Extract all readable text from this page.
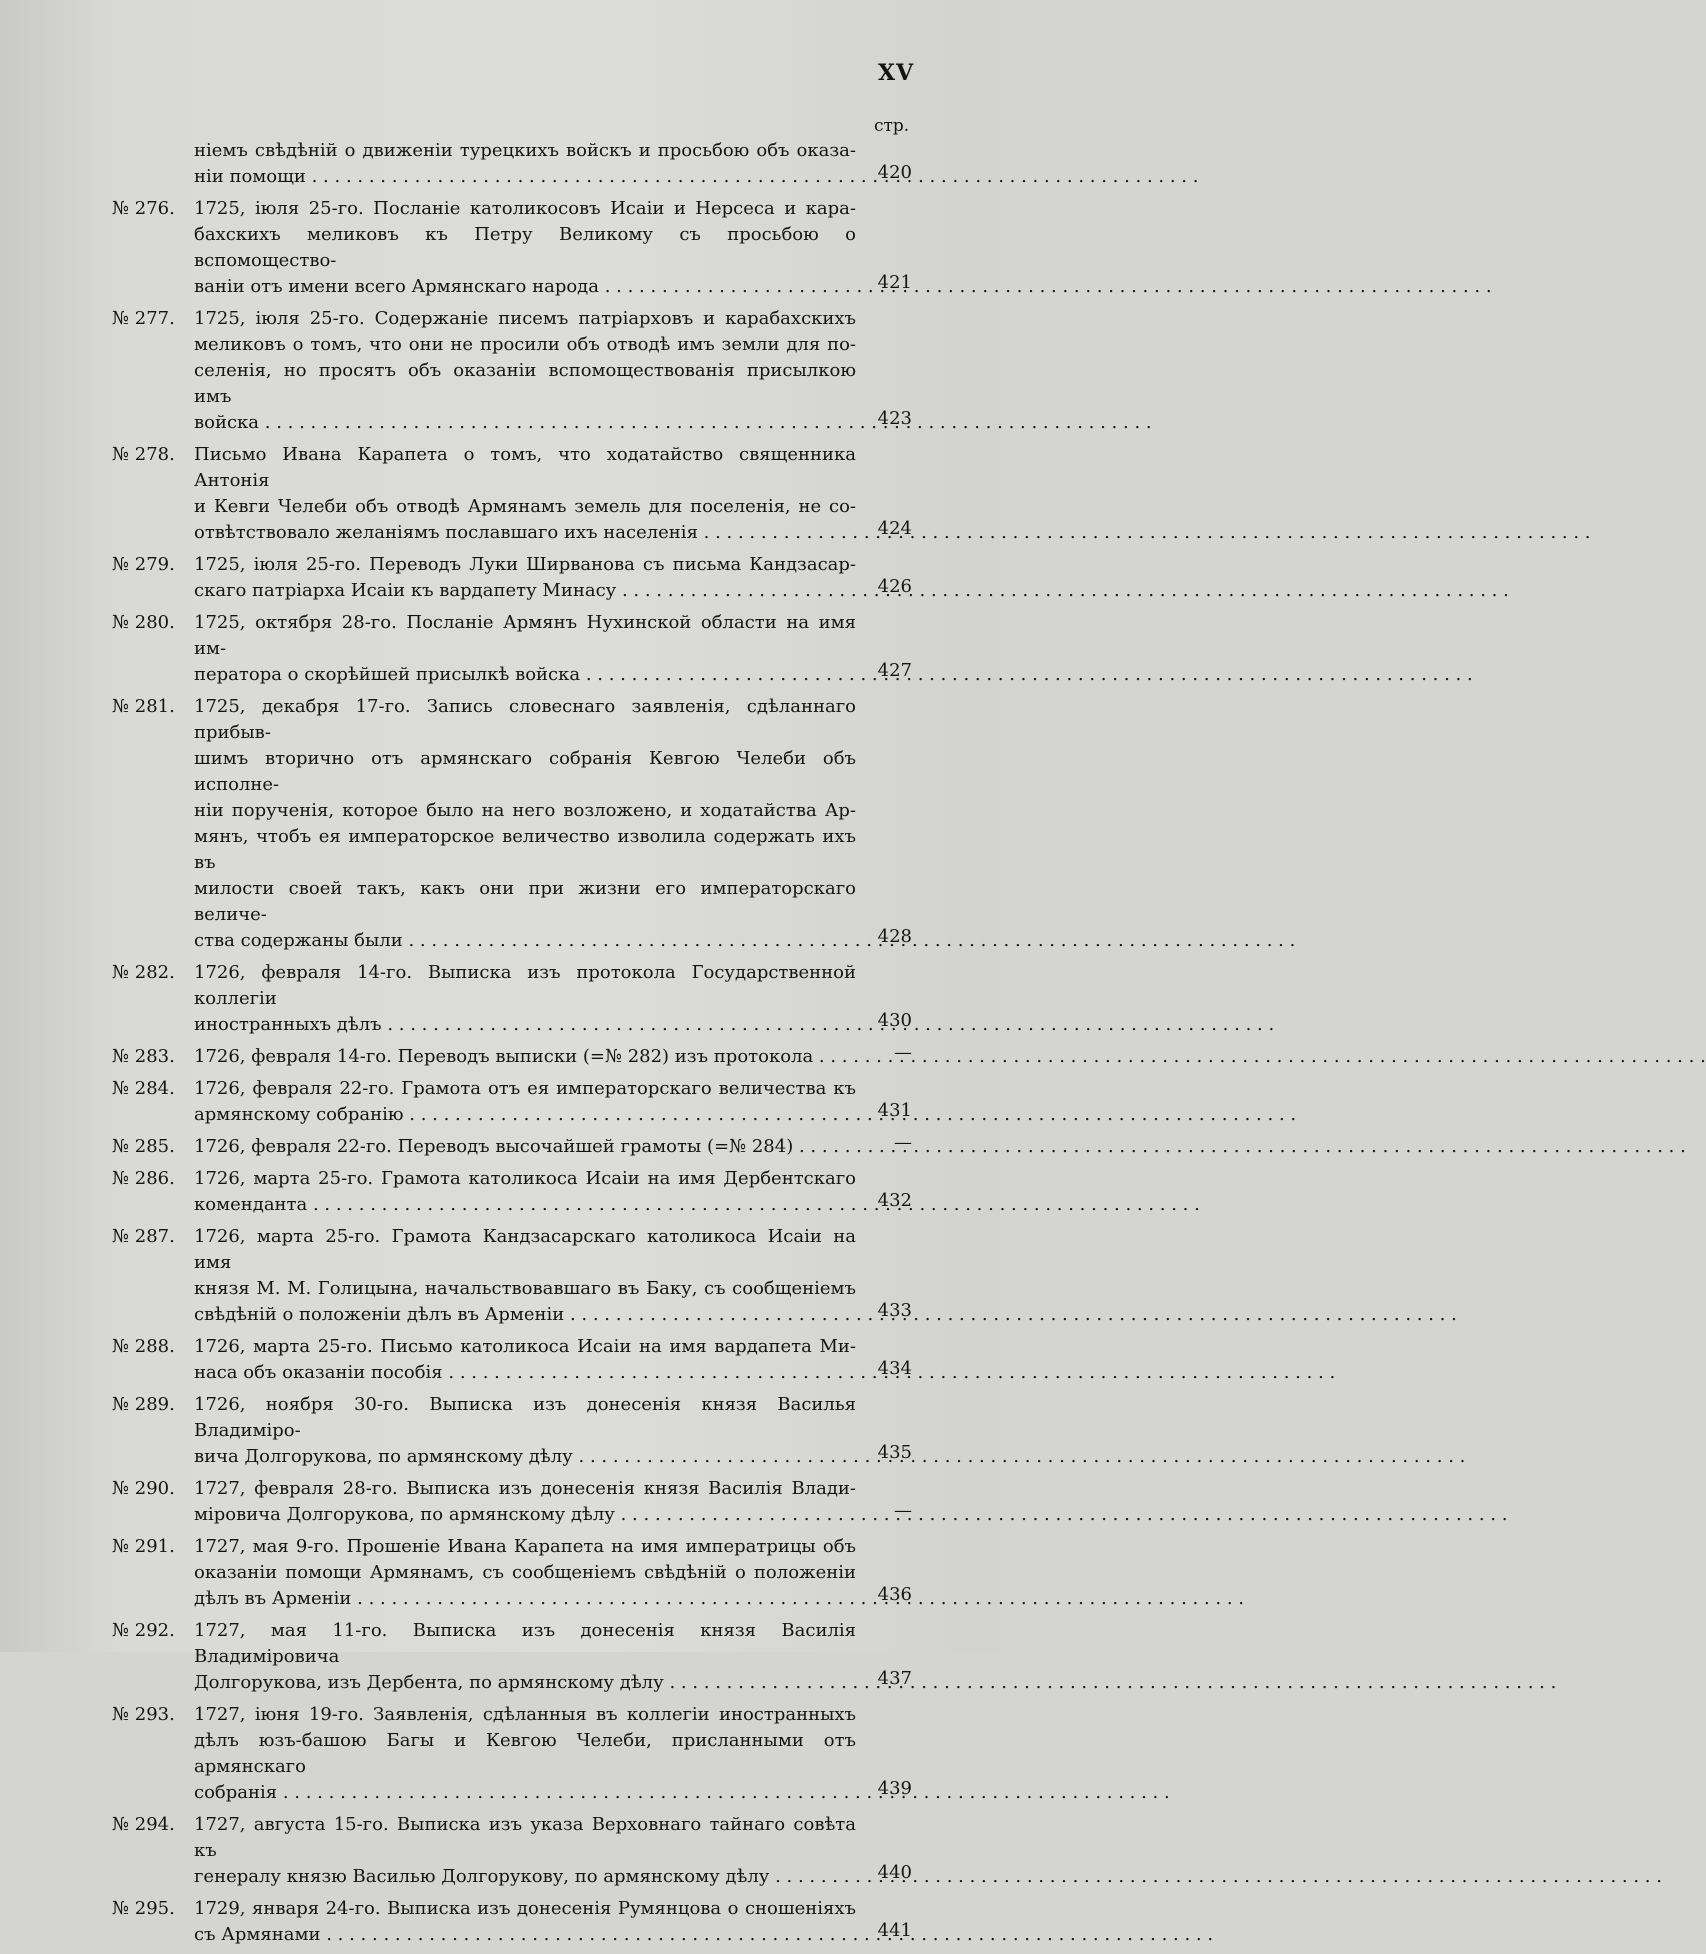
XV
стр.
ніемъ свѣдѣній о движеніи турецкихъ войскъ и просьбою объ оказа-
ніи помощи . . .	420
№ 276.	1725, іюля 25-го. Посланіе католикосовъ Исаіи и Нерсеса и кара-
бахскихъ меликовъ къ Петру Великому съ просьбою о вспомощество-
ваніи отъ имени всего Армянскаго народа . . .	421
№ 277.	1725, іюля 25-го. Содержаніе писемъ патріарховъ и карабахскихъ
меликовъ о томъ, что они не просили объ отводѣ имъ земли для по-
селенія, но просятъ объ оказаніи вспомоществованія присылкою имъ
войска . . .	423
№ 278.	Письмо Ивана Карапета о томъ, что ходатайство священника Антонія
и Кевги Челеби объ отводѣ Армянамъ земель для поселенія, не со-
отвѣтствовало желаніямъ пославшаго ихъ населенія . . .	424
№ 279.	1725, іюля 25-го. Переводъ Луки Ширванова съ письма Кандзасар-
скаго патріарха Исаіи къ вардапету Минасу . . .	426
№ 280.	1725, октября 28-го. Посланіе Армянъ Нухинской области на имя им-
ператора о скорѣйшей присылкѣ войска . . .	427
№ 281.	1725, декабря 17-го. Запись словеснаго заявленія, сдѣланнаго прибыв-
шимъ вторично отъ армянскаго собранія Кевгою Челеби объ исполне-
ніи порученія, которое было на него возложено, и ходатайства Ар-
мянъ, чтобъ ея императорское величество изволила содержать ихъ въ
милости своей такъ, какъ они при жизни его императорскаго величе-
ства содержаны были . . .	428
№ 282.	1726, февраля 14-го. Выписка изъ протокола Государственной коллегіи
иностранныхъ дѣлъ . . .	430
№ 283.	1726, февраля 14-го. Переводъ выписки (=№ 282) изъ протокола . . .	—
№ 284.	1726, февраля 22-го. Грамота отъ ея императорскаго величества къ
армянскому собранію . . .	431
№ 285.	1726, февраля 22-го. Переводъ высочайшей грамоты (=№ 284) . . .	—
№ 286.	1726, марта 25-го. Грамота католикоса Исаіи на имя Дербентскаго
коменданта . . .	432
№ 287.	1726, марта 25-го. Грамота Кандзасарскаго католикоса Исаіи на имя
князя М. М. Голицына, начальствовавшаго въ Баку, съ сообщеніемъ
свѣдѣній о положеніи дѣлъ въ Арменіи . . .	433
№ 288.	1726, марта 25-го. Письмо католикоса Исаіи на имя вардапета Ми-
наса объ оказаніи пособія . . .	434
№ 289.	1726, ноября 30-го. Выписка изъ донесенія князя Василья Владиміро-
вича Долгорукова, по армянскому дѣлу . . .	435
№ 290.	1727, февраля 28-го. Выписка изъ донесенія князя Василія Влади-
міровича Долгорукова, по армянскому дѣлу . . .	—
№ 291.	1727, мая 9-го. Прошеніе Ивана Карапета на имя императрицы объ
оказаніи помощи Армянамъ, съ сообщеніемъ свѣдѣній о положеніи
дѣлъ въ Арменіи . . .	436
№ 292.	1727, мая 11-го. Выписка изъ донесенія князя Василія Владиміровича
Долгорукова, изъ Дербента, по армянскому дѣлу . . .	437
№ 293.	1727, іюня 19-го. Заявленія, сдѣланныя въ коллегіи иностранныхъ
дѣлъ юзъ-башою Багы и Кевгою Челеби, присланными отъ армянскаго
собранія . . .	439
№ 294.	1727, августа 15-го. Выписка изъ указа Верховнаго тайнаго совѣта къ
генералу князю Василью Долгорукову, по армянскому дѣлу . . .	440
№ 295.	1729, января 24-го. Выписка изъ донесенія Румянцова о сношеніяхъ
съ Армянами . . .	441
